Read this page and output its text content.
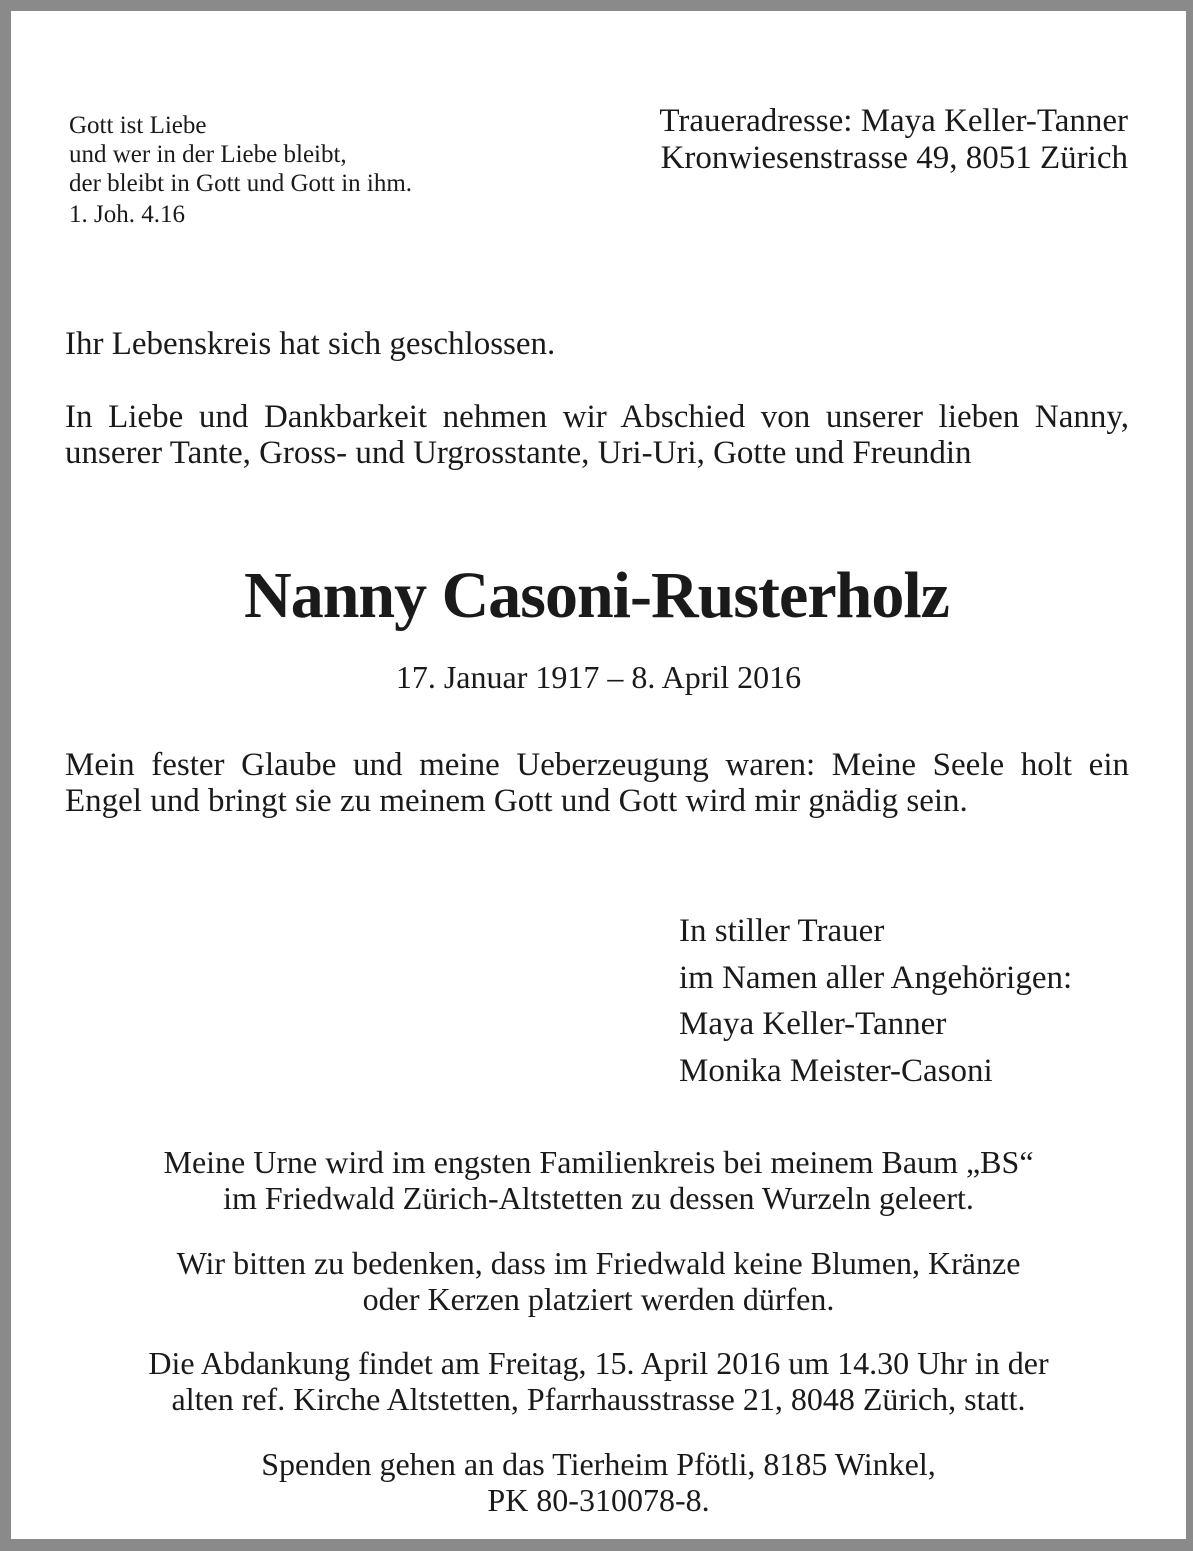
Gott ist Liebe
und wer in der Liebe bleibt,
der bleibt in Gott und Gott in ihm.
1. Joh. 4.16
Traueradresse: Maya Keller-Tanner
Kronwiesenstrasse 49, 8051 Zürich
Ihr Lebenskreis hat sich geschlossen.
In Liebe und Dankbarkeit nehmen wir Abschied von unserer lieben Nanny, unserer Tante, Gross- und Urgrosstante, Uri-Uri, Gotte und Freundin
Nanny Casoni-Rusterholz
17. Januar 1917 – 8. April 2016
Mein fester Glaube und meine Ueberzeugung waren: Meine Seele holt ein Engel und bringt sie zu meinem Gott und Gott wird mir gnädig sein.
In stiller Trauer
im Namen aller Angehörigen:
Maya Keller-Tanner
Monika Meister-Casoni
Meine Urne wird im engsten Familienkreis bei meinem Baum „BS“
im Friedwald Zürich-Altstetten zu dessen Wurzeln geleert.
Wir bitten zu bedenken, dass im Friedwald keine Blumen, Kränze
oder Kerzen platziert werden dürfen.
Die Abdankung findet am Freitag, 15. April 2016 um 14.30 Uhr in der
alten ref. Kirche Altstetten, Pfarrhausstrasse 21, 8048 Zürich, statt.
Spenden gehen an das Tierheim Pfötli, 8185 Winkel,
PK 80-310078-8.
